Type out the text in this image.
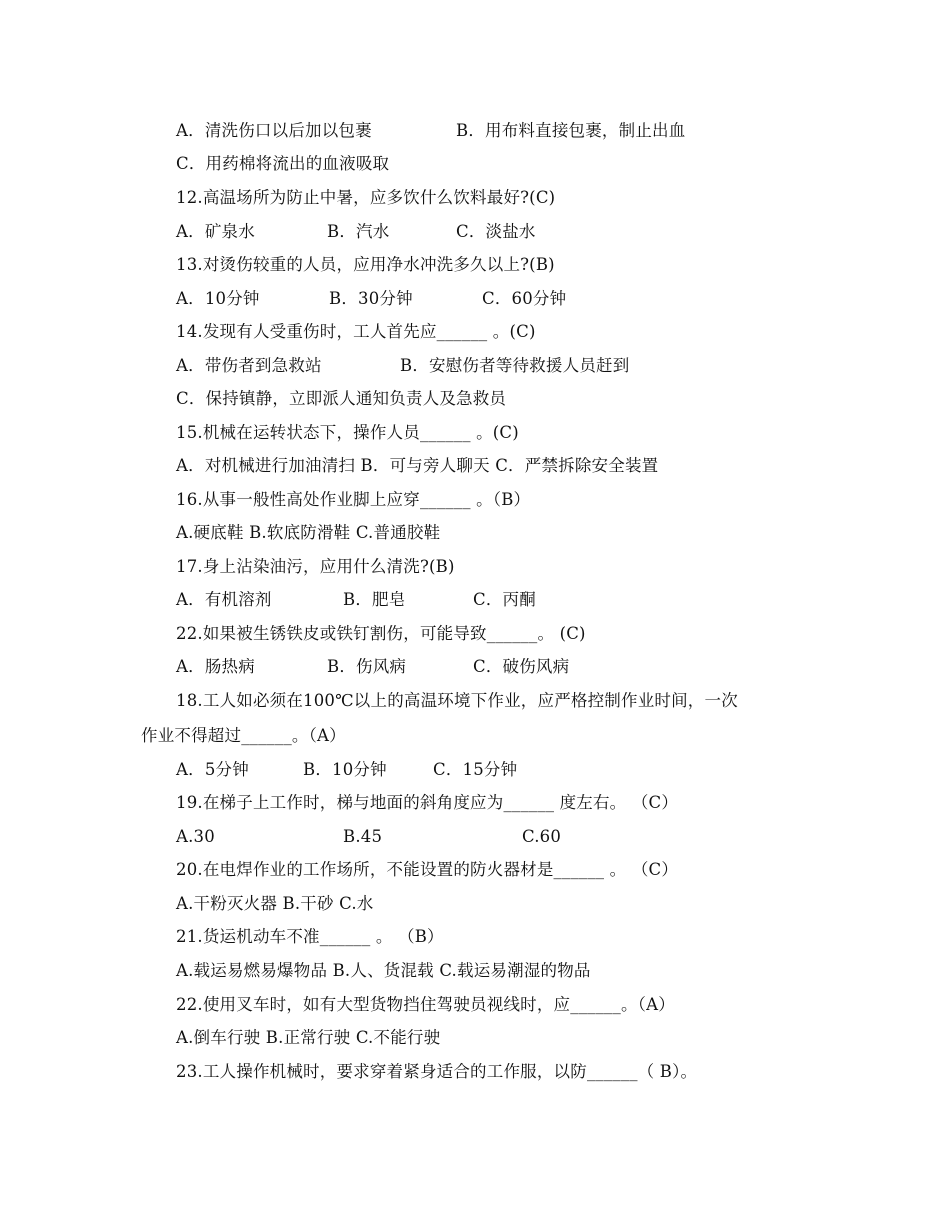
A．清洗伤口以后加以包裹	B．用布料直接包裹，制止出血
C．用药棉将流出的血液吸取
12.高温场所为防止中暑，应多饮什么饮料最好?(C)
A．矿泉水	B．汽水	C．淡盐水
13.对烫伤较重的人员，应用净水冲洗多久以上?(B)
A．10分钟	B．30分钟	C．60分钟
14.发现有人受重伤时，工人首先应______ 。(C)
A．带伤者到急救站	B．安慰伤者等待救援人员赶到
C．保持镇静，立即派人通知负责人及急救员
15.机械在运转状态下，操作人员______ 。(C)
A．对机械进行加油清扫 B．可与旁人聊天 C．严禁拆除安全装置
16.从事一般性高处作业脚上应穿______ 。（B）
A.硬底鞋 B.软底防滑鞋 C.普通胶鞋
17.身上沾染油污，应用什么清洗?(B)
A．有机溶剂	B．肥皂	C．丙酮
22.如果被生锈铁皮或铁钉割伤，可能导致______。 (C)
A．肠热病	B．伤风病	C．破伤风病
18.工人如必须在100℃以上的高温环境下作业，应严格控制作业时间，一次
作业不得超过______。（A）
A．5分钟	B．10分钟	C．15分钟
19.在梯子上工作时，梯与地面的斜角度应为______ 度左右。 （C）
A.30	B.45	C.60
20.在电焊作业的工作场所，不能设置的防火器材是______ 。 （C）
A.干粉灭火器 B.干砂 C.水
21.货运机动车不准______ 。 （B）
A.载运易燃易爆物品 B.人、货混载 C.载运易潮湿的物品
22.使用叉车时，如有大型货物挡住驾驶员视线时，应______。（A）
A.倒车行驶 B.正常行驶 C.不能行驶
23.工人操作机械时，要求穿着紧身适合的工作服，以防______（ B）。
